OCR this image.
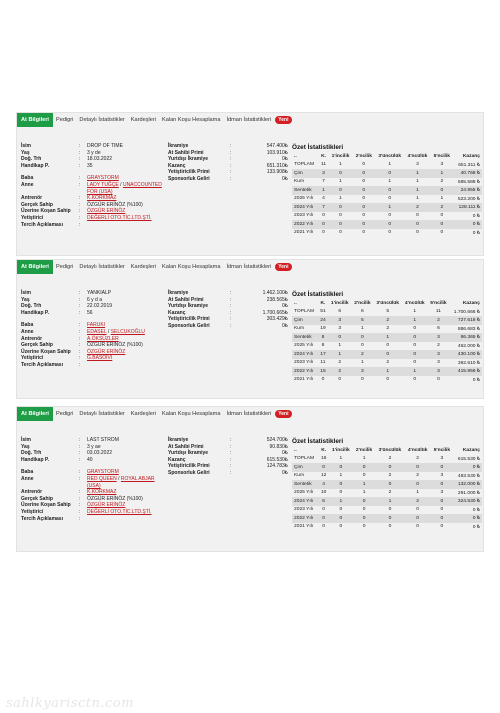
At Bilgileri	Pedigri	Detaylı İstatistikler	Kardeşleri	Kalan Koşu Hesaplama	İdman İstatistikleri	Yeni
İsim	:	DROP OF TIME
Yaş	:	3 y de
Doğ. Trh	:	18.03.2022
Handikap P.	:	35
Baba	:	GRAYSTORM
Anne	:	LADY TUĞÇE / UNACCOUNTED FOR (USA)
Antrenör	:	K.KORKMAZ
Gerçek Sahip	:	ÖZGÜR ERİNÖZ (%100)
Üzerine Koşan Sahip	:	ÖZGÜR ERİNÖZ
Yetiştirici	:	DEĞERLİ OTO.TİC.LTD.ŞTİ.
Tercih Açıklaması	:
İkramiye	:	547.400₺
At Sahibi Primi	:	103.910₺
Yurtdışı İkramiye	:	0₺
Kazanç	:	651.310₺
Yetiştiricilik Primi	:	133.908₺
Sponsorluk Geliri	:	0₺
Özet İstatistikleri
..	K.	1'incilik	2'ncilik	3'üncülük	4'ncülük	5'ncilik	Kazanç
TOPLAM	11	1	0	1	3	3	651.311 ₺
Çim	3	0	0	0	1	1	40.768 ₺
Kum	7	1	0	1	1	2	585.588 ₺
Sentetik	1	0	0	0	1	0	24.955 ₺
2025 Yılı	4	1	0	0	1	1	523.200 ₺
2024 Yılı	7	0	0	1	2	2	128.111 ₺
2023 Yılı	0	0	0	0	0	0	0 ₺
2022 Yılı	0	0	0	0	0	0	0 ₺
2021 Yılı	0	0	0	0	0	0	0 ₺
At Bilgileri	Pedigri	Detaylı İstatistikler	Kardeşleri	Kalan Koşu Hesaplama	İdman İstatistikleri	Yeni
İsim	:	YANKIALP
Yaş	:	6 y d a
Doğ. Trh	:	22.02.2019
Handikap P.	:	56
Baba	:	FARUKI
Anne	:	EDASEL / SELCUKOĞLU
Antrenör	:	A.ÖKSÜZLER
Gerçek Sahip	:	ÖZGÜR ERİNÖZ (%100)
Üzerine Koşan Sahip	:	ÖZGÜR ERİNÖZ
Yetiştirici	:	G.BASOİVI
Tercih Açıklaması	:
İkramiye	:	1.462.100₺
At Sahibi Primi	:	238.565₺
Yurtdışı İkramiye	:	0₺
Kazanç	:	1.700.665₺
Yetiştiricilik Primi	:	303.429₺
Sponsorluk Geliri	:	0₺
Özet İstatistikleri
..	K.	1'incilik	2'ncilik	3'üncülük	4'ncülük	5'ncilik	Kazanç
TOPLAM	51	6	6	5	1	11	1.700.666 ₺
Çim	24	3	5	2	1	2	727.618 ₺
Kum	19	3	1	2	0	6	886.683 ₺
Sentetik	8	0	0	1	0	3	86.365 ₺
2025 Yılı	8	1	0	0	0	2	462.000 ₺
2024 Yılı	17	1	2	0	0	3	430.100 ₺
2023 Yılı	11	2	1	2	0	3	392.610 ₺
2022 Yılı	15	2	3	1	1	3	415.956 ₺
2021 Yılı	0	0	0	0	0	0	0 ₺
At Bilgileri	Pedigri	Detaylı İstatistikler	Kardeşleri	Kalan Koşu Hesaplama	İdman İstatistikleri	Yeni
İsim	:	LAST STROM
Yaş	:	3 y ae
Doğ. Trh	:	03.03.2022
Handikap P.	:	40
Baba	:	GRAYSTORM
Anne	:	RED QUEEN / ROYAL ABJAR (USA)
Antrenör	:	K.KORKMAZ
Gerçek Sahip	:	ÖZGÜR ERİNÖZ (%100)
Üzerine Koşan Sahip	:	ÖZGÜR ERİNÖZ
Yetiştirici	:	DEĞERLİ OTO.TİC.LTD.ŞTİ.
Tercih Açıklaması	:
İkramiye	:	524.700₺
At Sahibi Primi	:	90.830₺
Yurtdışı İkramiye	:	0₺
Kazanç	:	615.530₺
Yetiştiricilik Primi	:	124.783₺
Sponsorluk Geliri	:	0₺
Özet İstatistikleri
..	K.	1'incilik	2'ncilik	3'üncülük	4'ncülük	5'ncilik	Kazanç
TOPLAM	16	1	1	2	2	3	615.530 ₺
Çim	0	0	0	0	0	0	0 ₺
Kum	12	1	0	2	2	3	483.530 ₺
Sentetik	4	0	1	0	0	0	132.000 ₺
2025 Yılı	10	0	1	2	1	3	291.000 ₺
2024 Yılı	6	1	0	1	2	0	324.530 ₺
2023 Yılı	0	0	0	0	0	0	0 ₺
2022 Yılı	0	0	0	0	0	0	0 ₺
2021 Yılı	0	0	0	0	0	0	0 ₺
sahlkyarisctn.com
